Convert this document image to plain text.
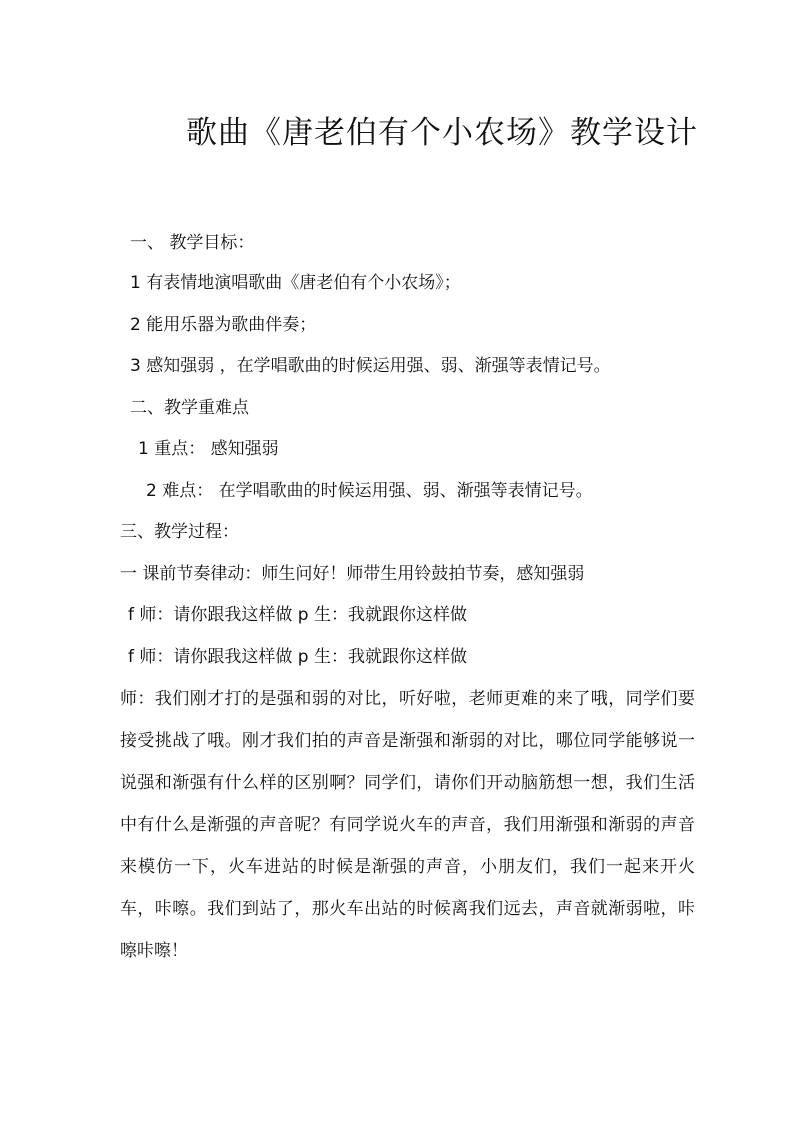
歌曲《唐老伯有个小农场》教学设计

一、 教学目标：

1 有表情地演唱歌曲《唐老伯有个小农场》；

2 能用乐器为歌曲伴奏；

3 感知强弱 ，在学唱歌曲的时候运用强、弱、渐强等表情记号。

二、教学重难点

1 重点： 感知强弱

2 难点： 在学唱歌曲的时候运用强、弱、渐强等表情记号。

三、教学过程：

一 课前节奏律动：师生问好！师带生用铃鼓拍节奏，感知强弱

f 师：请你跟我这样做 p 生：我就跟你这样做

f 师：请你跟我这样做 p 生：我就跟你这样做

师：我们刚才打的是强和弱的对比，听好啦，老师更难的来了哦，同学们要接受挑战了哦。刚才我们拍的声音是渐强和渐弱的对比，哪位同学能够说一说强和渐强有什么样的区别啊？同学们，请你们开动脑筋想一想，我们生活中有什么是渐强的声音呢？有同学说火车的声音，我们用渐强和渐弱的声音来模仿一下，火车进站的时候是渐强的声音，小朋友们，我们一起来开火车，咔嚓。我们到站了，那火车出站的时候离我们远去，声音就渐弱啦，咔嚓咔嚓！
